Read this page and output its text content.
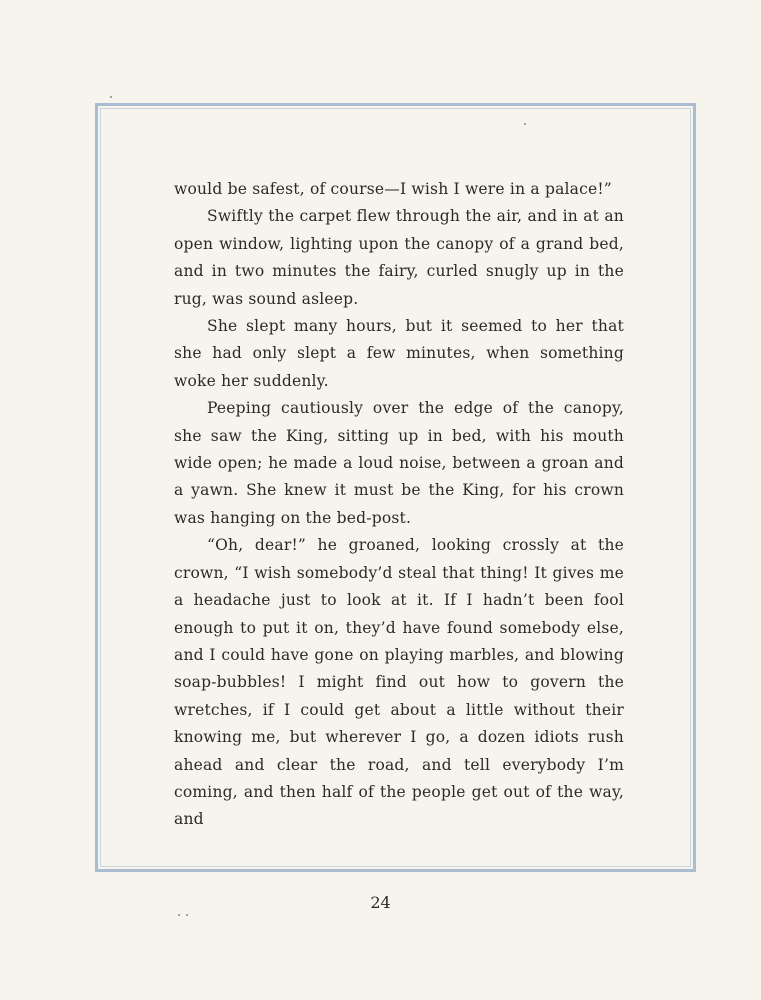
would be safest, of course—I wish I were in a palace!”

Swiftly the carpet flew through the air, and in at an open window, lighting upon the canopy of a grand bed, and in two minutes the fairy, curled snugly up in the rug, was sound asleep.

She slept many hours, but it seemed to her that she had only slept a few minutes, when something woke her suddenly.

Peeping cautiously over the edge of the canopy, she saw the King, sitting up in bed, with his mouth wide open; he made a loud noise, between a groan and a yawn. She knew it must be the King, for his crown was hanging on the bed-post.

“Oh, dear!” he groaned, looking crossly at the crown, “I wish somebody’d steal that thing! It gives me a headache just to look at it. If I hadn’t been fool enough to put it on, they’d have found somebody else, and I could have gone on playing marbles, and blowing soap-bubbles! I might find out how to govern the wretches, if I could get about a little without their knowing me, but wherever I go, a dozen idiots rush ahead and clear the road, and tell everybody I’m coming, and then half of the people get out of the way, and

24
